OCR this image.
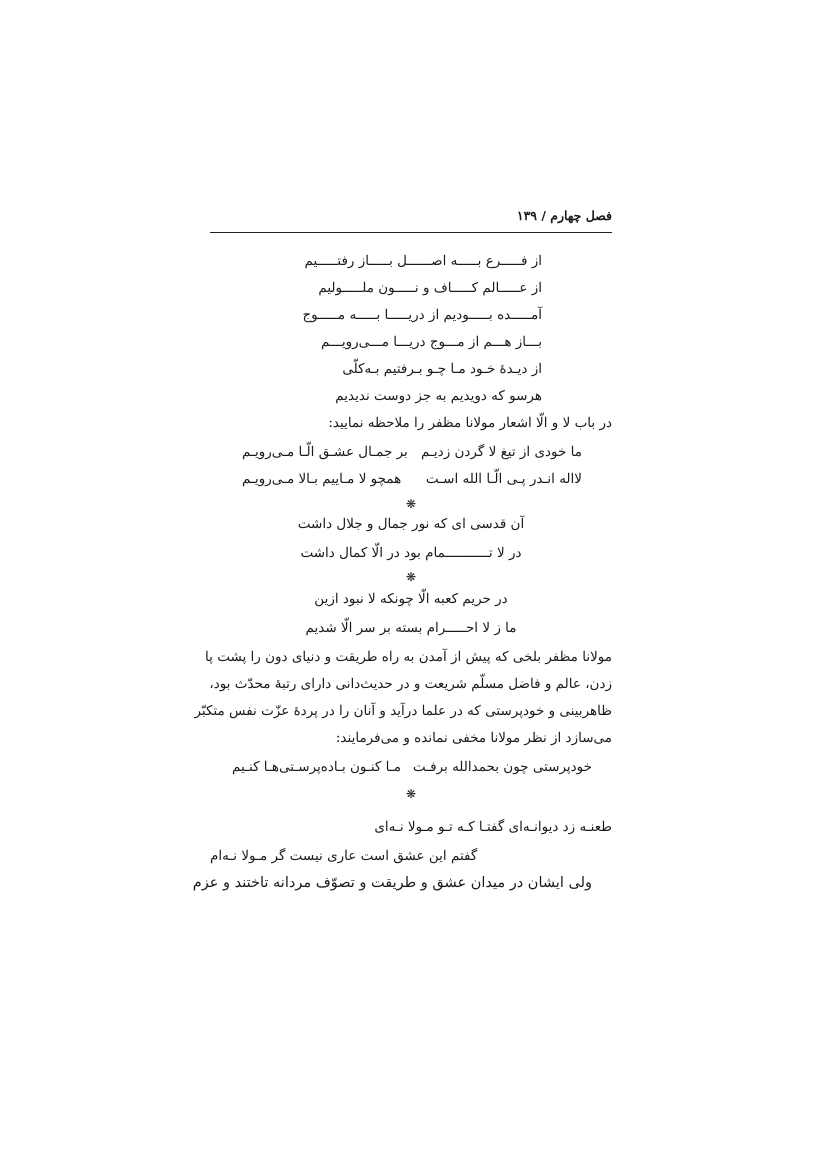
فصل چهارم / ۱۳۹
از فـــــرع بـــــه اصــــــل بـــــاز رفتـــــیم
از عـــــالم کـــــاف و نـــــون ملـــــولیم
آمـــــده بـــــودیم از دریـــــا بـــــه مـــــوج
بـــاز هـــم از مـــوج دریـــا مـــی‌رویـــم
از دیـدهٔ خـود مـا چـو بـرفتیم بـه‌کلّی
هرسو که دویدیم به جز دوست ندیدیم
در باب لا و الّا اشعار مولانا مظفر را ملاحظه نمایید:
ما خودی از تیغ لا گردن زدیـم
بر جمـال عشـق الّـا مـی‌رویـم
لااله انـدر پـی الّـا الله اسـت
همچو لا مـاییم بـالا مـی‌رویـم
❋
آن قدسی ای که نور جمال و جلال داشت
در لا تـــــــــــمام بود در الّا کمال داشت
❋
در حریم کعبه الّا چونکه لا نبود ازین
ما ز لا احـــــرام بسته بر سر الّا شدیم
مولانا مظفر بلخی که پیش از آمدن به راه طریقت و دنیای دون را پشت پا
زدن، عالم و فاضل مسلّم شریعت و در حدیث‌دانی دارای رتبهٔ محدّث بود،
ظاهربینی و خودپرستی که در علما درآید و آنان را در پردهٔ عزّت نفس متکبّر
می‌سازد از نظر مولانا مخفی نمانده و می‌فرمایند:
خودپرستی چون بحمدالله برفـت
مـا کنـون بـاده‌پرسـتی‌هـا کنـیم
❋
طعنـه زد دیوانـه‌ای گفتـا کـه تـو مـولا نـه‌ای
گفتم این عشق است عاری نیست گر مـولا نـه‌ام
ولی ایشان در میدان عشق و طریقت و تصوّف مردانه تاختند و عزم
